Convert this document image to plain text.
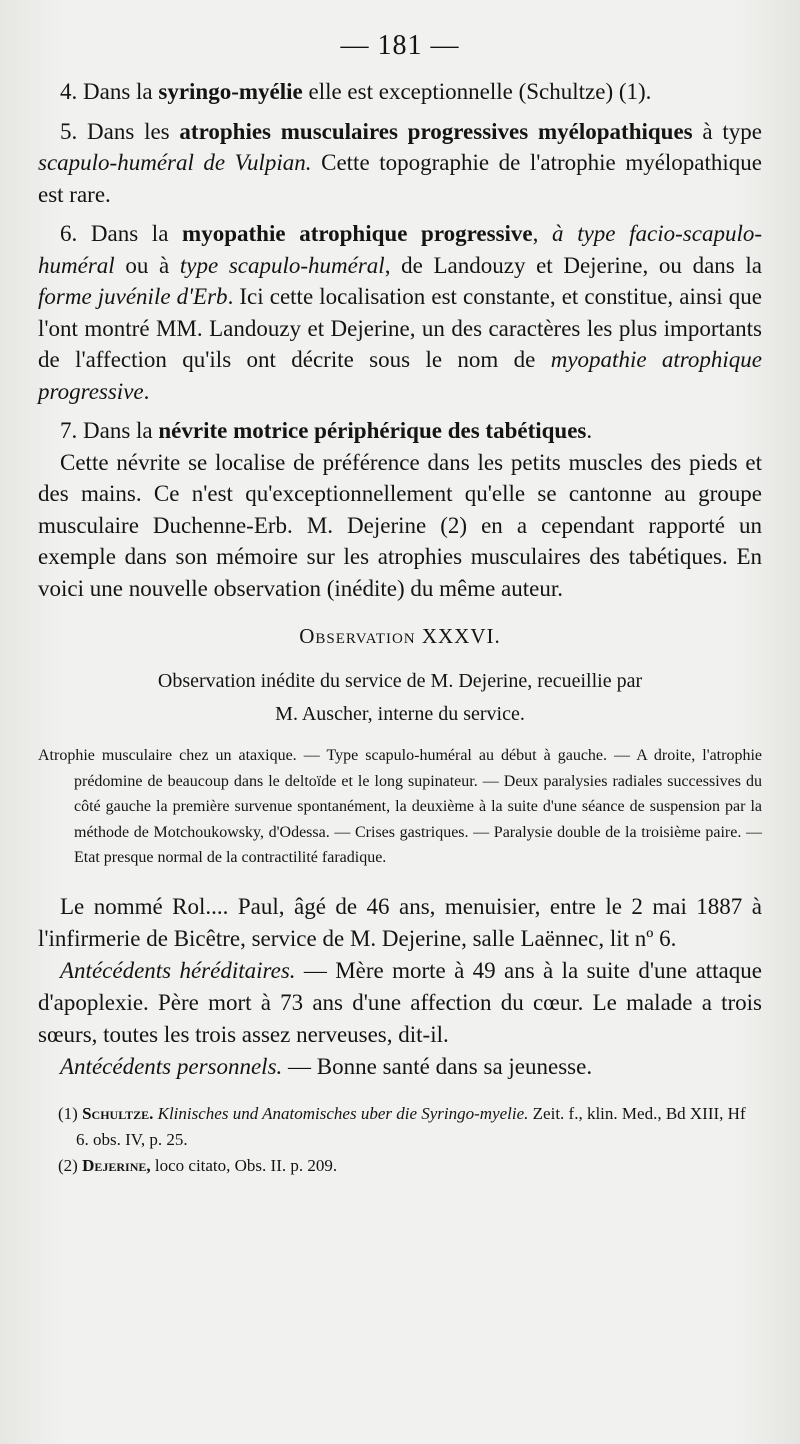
— 181 —

4. Dans la syringo-myélie elle est exceptionnelle (Schultze) (1).

5. Dans les atrophies musculaires progressives myélopathiques à type scapulo-huméral de Vulpian. Cette topographie de l'atrophie myélopathique est rare.

6. Dans la myopathie atrophique progressive, à type facio-scapulo-huméral ou à type scapulo-huméral, de Landouzy et Dejerine, ou dans la forme juvénile d'Erb. Ici cette localisation est constante, et constitue, ainsi que l'ont montré MM. Landouzy et Dejerine, un des caractères les plus importants de l'affection qu'ils ont décrite sous le nom de myopathie atrophique progressive.

7. Dans la névrite motrice périphérique des tabétiques.

Cette névrite se localise de préférence dans les petits muscles des pieds et des mains. Ce n'est qu'exceptionnellement qu'elle se cantonne au groupe musculaire Duchenne-Erb. M. Dejerine (2) en a cependant rapporté un exemple dans son mémoire sur les atrophies musculaires des tabétiques. En voici une nouvelle observation (inédite) du même auteur.

Observation XXXVI.
Observation inédite du service de M. Dejerine, recueillie par
M. Auscher, interne du service.

Atrophie musculaire chez un ataxique. — Type scapulo-huméral au début à gauche. — A droite, l'atrophie prédomine de beaucoup dans le deltoïde et le long supinateur. — Deux paralysies radiales successives du côté gauche la première survenue spontanément, la deuxième à la suite d'une séance de suspension par la méthode de Motchoukowsky, d'Odessa. — Crises gastriques. — Paralysie double de la troisième paire. — Etat presque normal de la contractilité faradique.

Le nommé Rol.... Paul, âgé de 46 ans, menuisier, entre le 2 mai 1887 à l'infirmerie de Bicêtre, service de M. Dejerine, salle Laënnec, lit nº 6.

Antécédents héréditaires. — Mère morte à 49 ans à la suite d'une attaque d'apoplexie. Père mort à 73 ans d'une affection du cœur. Le malade a trois sœurs, toutes les trois assez nerveuses, dit-il.

Antécédents personnels. — Bonne santé dans sa jeunesse.

(1) Schultze. Klinisches und Anatomisches uber die Syringo-myelie. Zeit. f., klin. Med., Bd XIII, Hf 6. obs. IV, p. 25.

(2) Dejerine, loco citato, Obs. II. p. 209.
